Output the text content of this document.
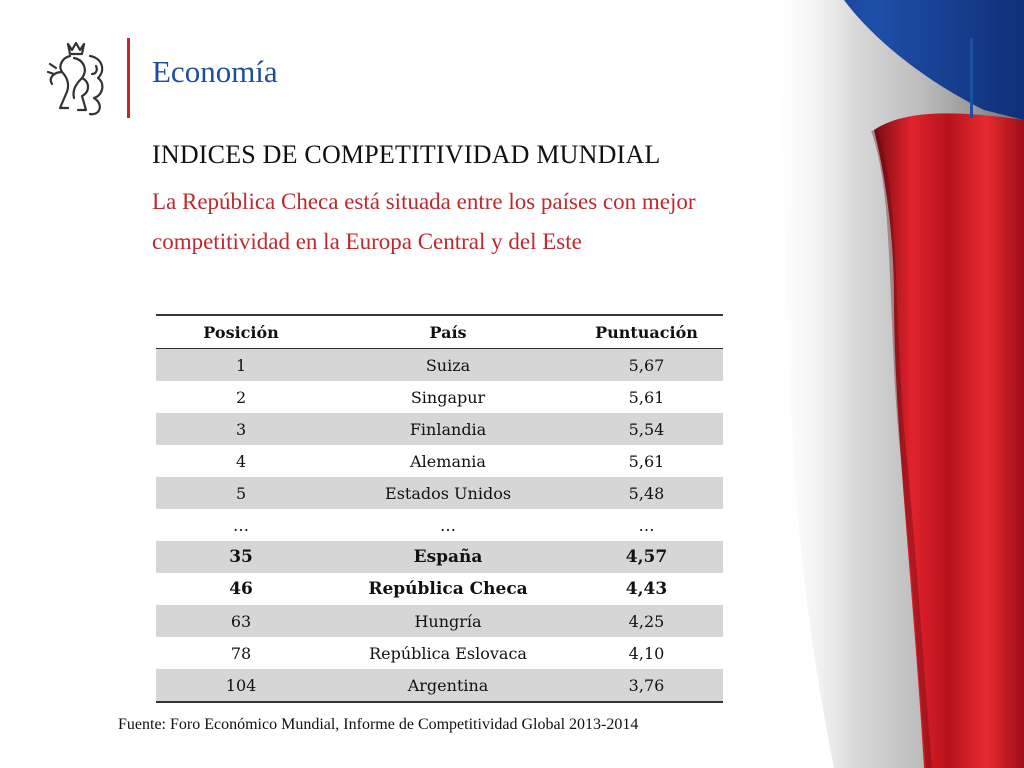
Economía
INDICES DE COMPETITIVIDAD MUNDIAL
La República Checa está situada entre los países con mejor competitividad en la Europa Central y del Este
Posición	País	Puntuación
1	Suiza	5,67
2	Singapur	5,61
3	Finlandia	5,54
4	Alemania	5,61
5	Estados Unidos	5,48
…	…	…
35	España	4,57
46	República Checa	4,43
63	Hungría	4,25
78	República Eslovaca	4,10
104	Argentina	3,76
Fuente: Foro Económico Mundial, Informe de Competitividad Global 2013-2014
